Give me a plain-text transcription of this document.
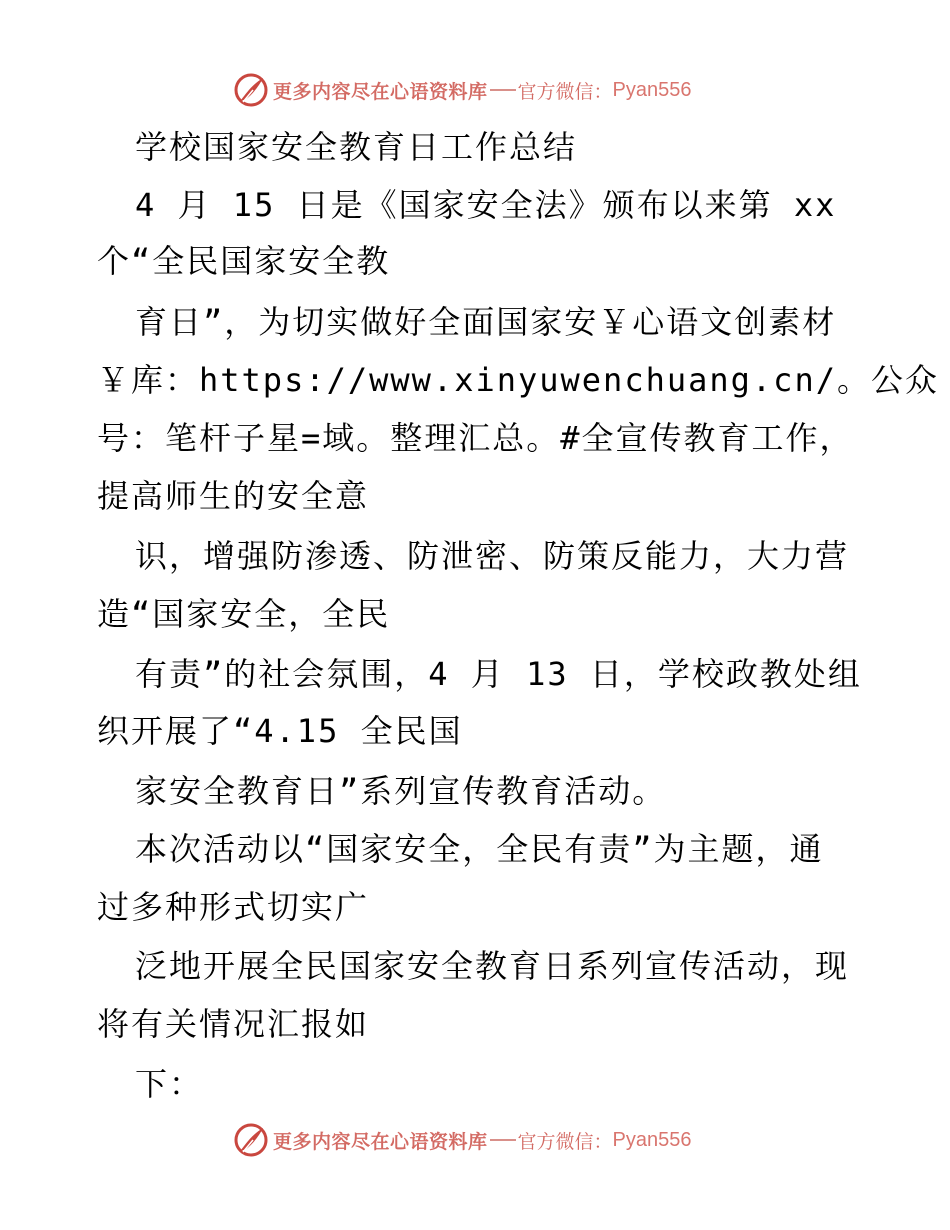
更多内容尽在心语资料库 官方微信： Pyan556
学校国家安全教育日工作总结
4 月 15 日是《国家安全法》颁布以来第 xx
个“全民国家安全教
育日”，为切实做好全面国家安￥心语文创素材
￥库：https://www.xinyuwenchuang.cn/。公众
号：笔杆子星=域。整理汇总。#全宣传教育工作，
提高师生的安全意
识，增强防渗透、防泄密、防策反能力，大力营
造“国家安全，全民
有责”的社会氛围，4 月 13 日，学校政教处组
织开展了“4.15 全民国
家安全教育日”系列宣传教育活动。
本次活动以“国家安全，全民有责”为主题，通
过多种形式切实广
泛地开展全民国家安全教育日系列宣传活动，现
将有关情况汇报如
下：
更多内容尽在心语资料库 官方微信： Pyan556
